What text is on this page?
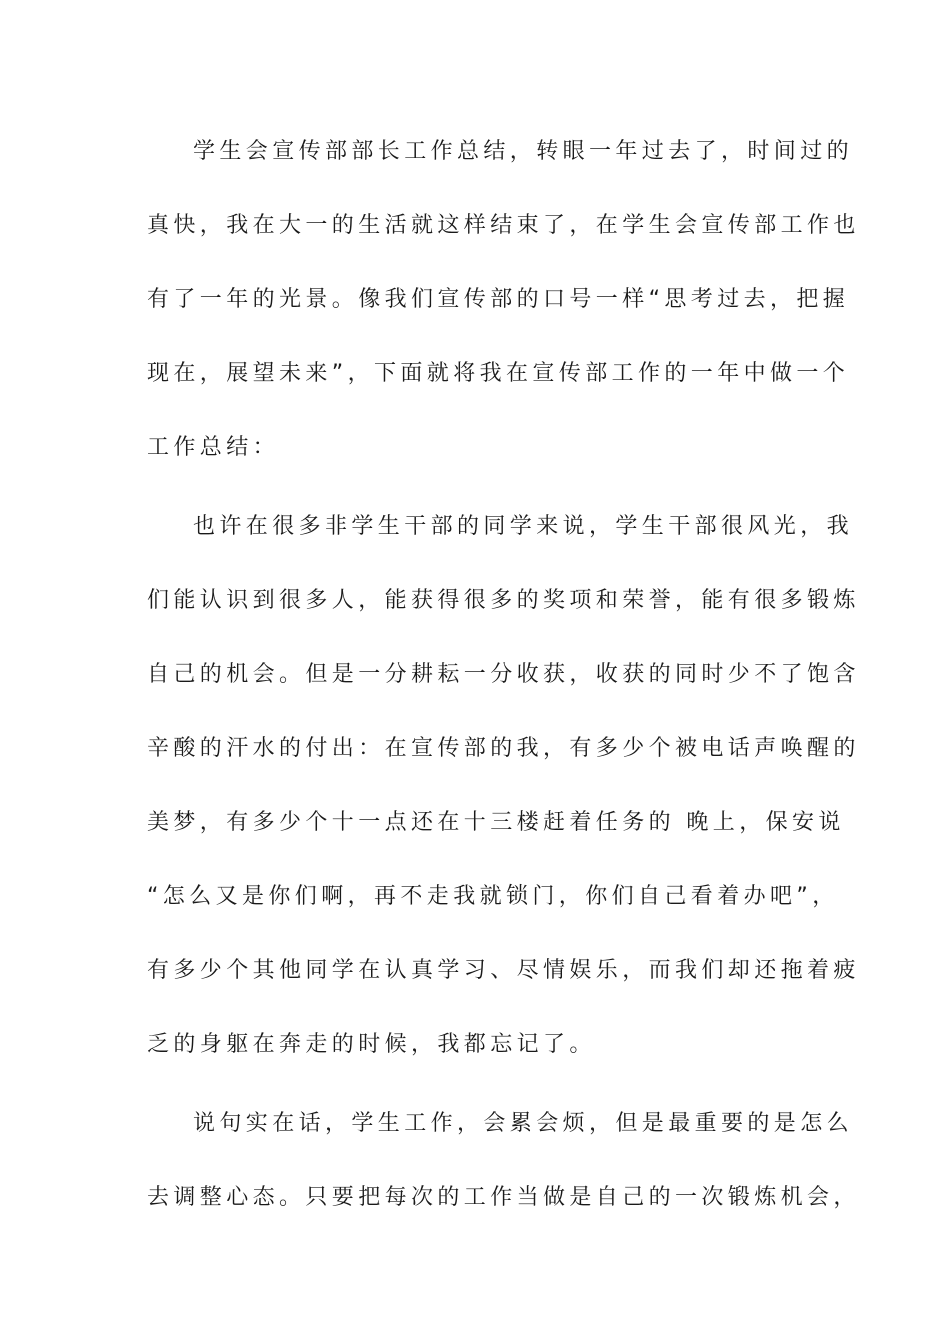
学生会宣传部部长工作总结，转眼一年过去了，时间过的
真快，我在大一的生活就这样结束了，在学生会宣传部工作也
有了一年的光景。像我们宣传部的口号一样“思考过去，把握
现在，展望未来”，下面就将我在宣传部工作的一年中做一个
工作总结：
也许在很多非学生干部的同学来说，学生干部很风光，我
们能认识到很多人，能获得很多的奖项和荣誉，能有很多锻炼
自己的机会。但是一分耕耘一分收获，收获的同时少不了饱含
辛酸的汗水的付出：在宣传部的我，有多少个被电话声唤醒的
美梦，有多少个十一点还在十三楼赶着任务的 晚上，保安说
“怎么又是你们啊，再不走我就锁门，你们自己看着办吧”，
有多少个其他同学在认真学习、尽情娱乐，而我们却还拖着疲
乏的身躯在奔走的时候，我都忘记了。
说句实在话，学生工作，会累会烦，但是最重要的是怎么
去调整心态。只要把每次的工作当做是自己的一次锻炼机会，
